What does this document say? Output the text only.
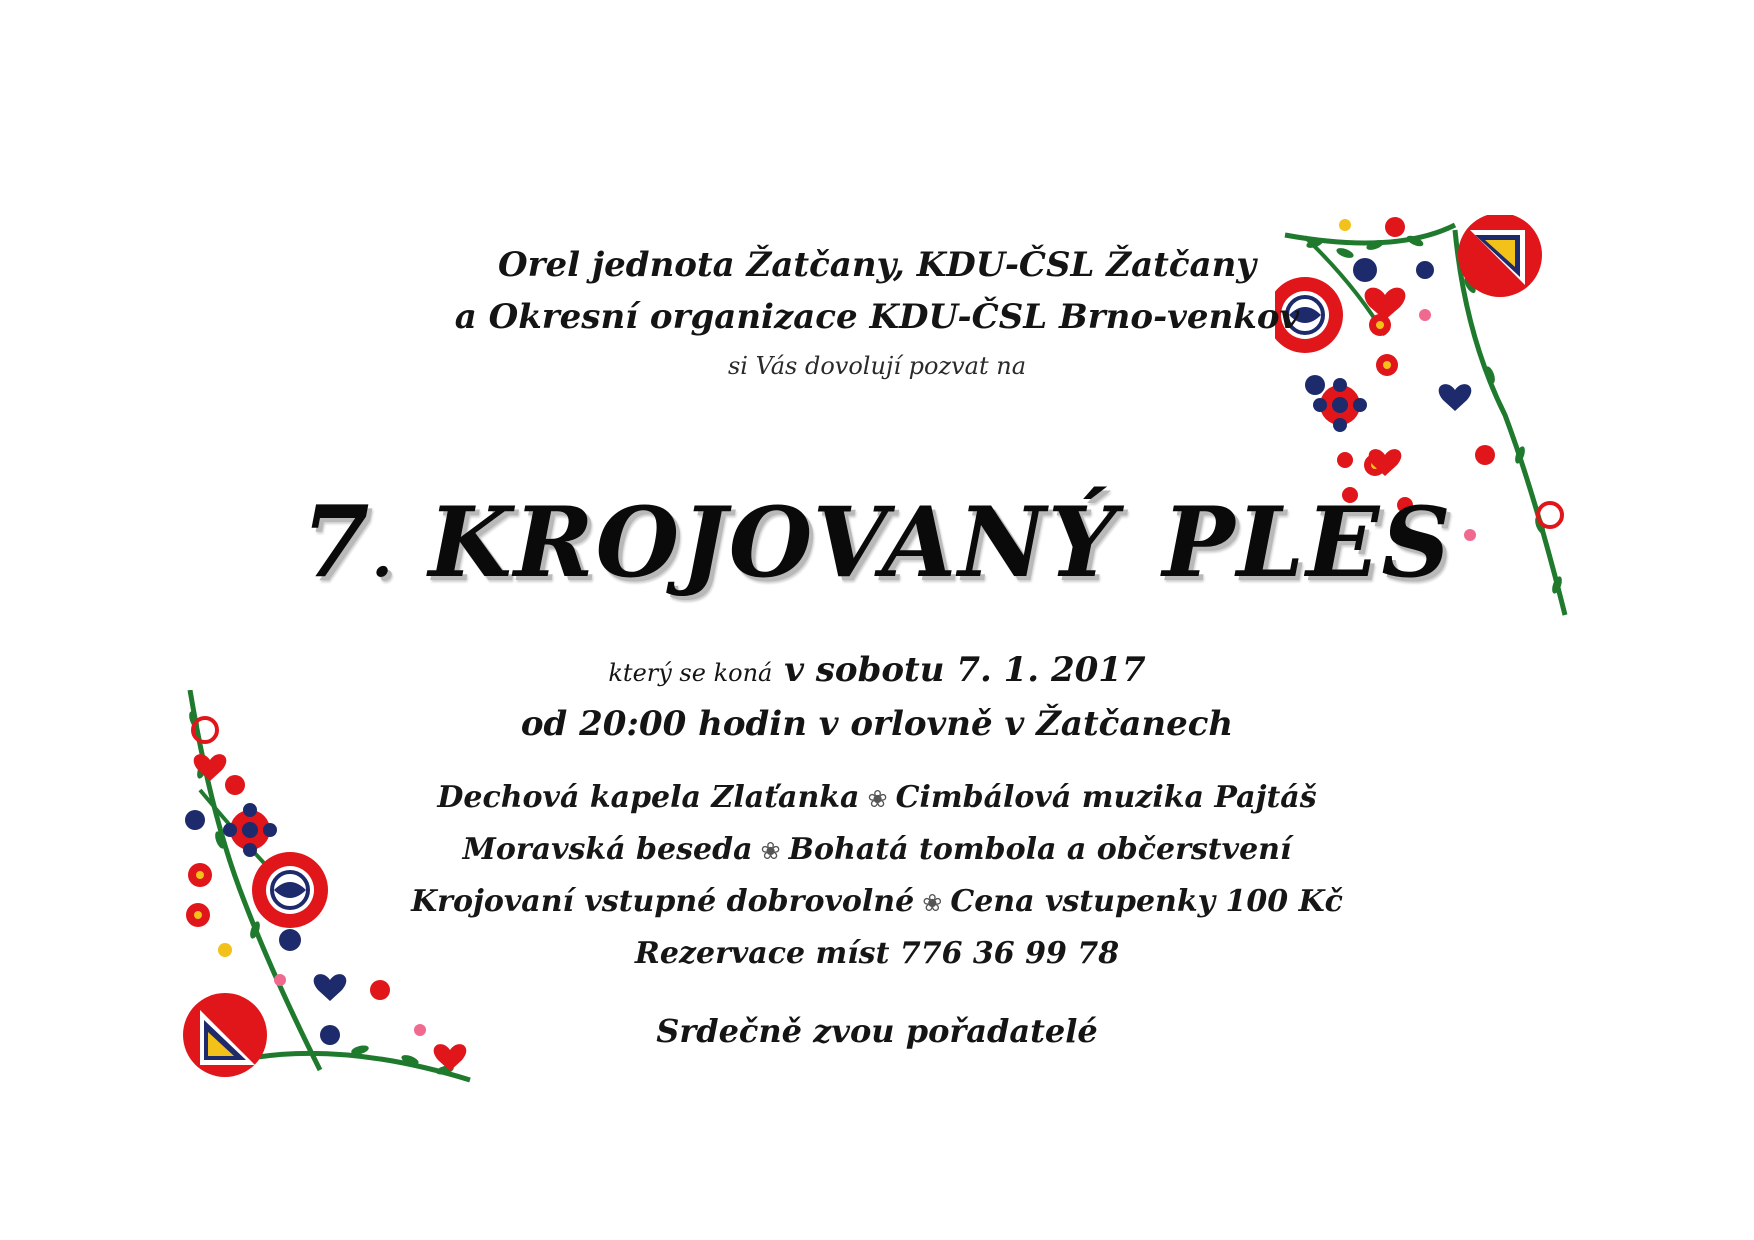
Orel jednota Žatčany, KDU-ČSL Žatčany
a Okresní organizace KDU-ČSL Brno-venkov
si Vás dovolují pozvat na
7. KROJOVANÝ PLES
který se koná v sobotu 7. 1. 2017
od 20:00 hodin v orlovně v Žatčanech
Dechová kapela Zlaťanka ❀ Cimbálová muzika Pajtáš
Moravská beseda ❀ Bohatá tombola a občerstvení
Krojovaní vstupné dobrovolné ❀ Cena vstupenky 100 Kč
Rezervace míst 776 36 99 78
Srdečně zvou pořadatelé
